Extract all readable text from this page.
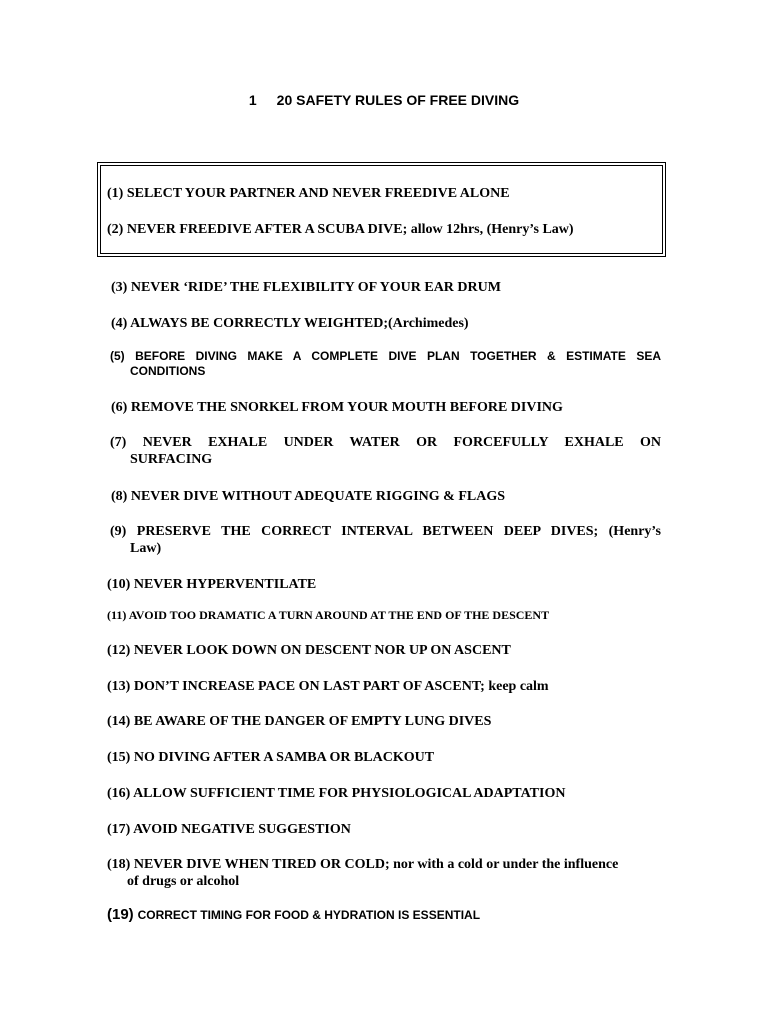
1 20 SAFETY RULES OF FREE DIVING
(1) SELECT YOUR PARTNER AND NEVER FREEDIVE ALONE
(2) NEVER FREEDIVE AFTER A SCUBA DIVE; allow 12hrs, (Henry’s Law)
(3) NEVER ‘RIDE’ THE FLEXIBILITY OF YOUR EAR DRUM
(4) ALWAYS BE CORRECTLY WEIGHTED;(Archimedes)
(5) BEFORE DIVING MAKE A COMPLETE DIVE PLAN TOGETHER & ESTIMATE SEA
CONDITIONS
(6) REMOVE THE SNORKEL FROM YOUR MOUTH BEFORE DIVING
(7) NEVER EXHALE UNDER WATER OR FORCEFULLY EXHALE ON
SURFACING
(8) NEVER DIVE WITHOUT ADEQUATE RIGGING & FLAGS
(9) PRESERVE THE CORRECT INTERVAL BETWEEN DEEP DIVES; (Henry’s
Law)
(10) NEVER HYPERVENTILATE
(11) AVOID TOO DRAMATIC A TURN AROUND AT THE END OF THE DESCENT
(12) NEVER LOOK DOWN ON DESCENT NOR UP ON ASCENT
(13) DON’T INCREASE PACE ON LAST PART OF ASCENT; keep calm
(14) BE AWARE OF THE DANGER OF EMPTY LUNG DIVES
(15) NO DIVING AFTER A SAMBA OR BLACKOUT
(16) ALLOW SUFFICIENT TIME FOR PHYSIOLOGICAL ADAPTATION
(17) AVOID NEGATIVE SUGGESTION
(18) NEVER DIVE WHEN TIRED OR COLD; nor with a cold or under the influence
of drugs or alcohol
(19) CORRECT TIMING FOR FOOD & HYDRATION IS ESSENTIAL
